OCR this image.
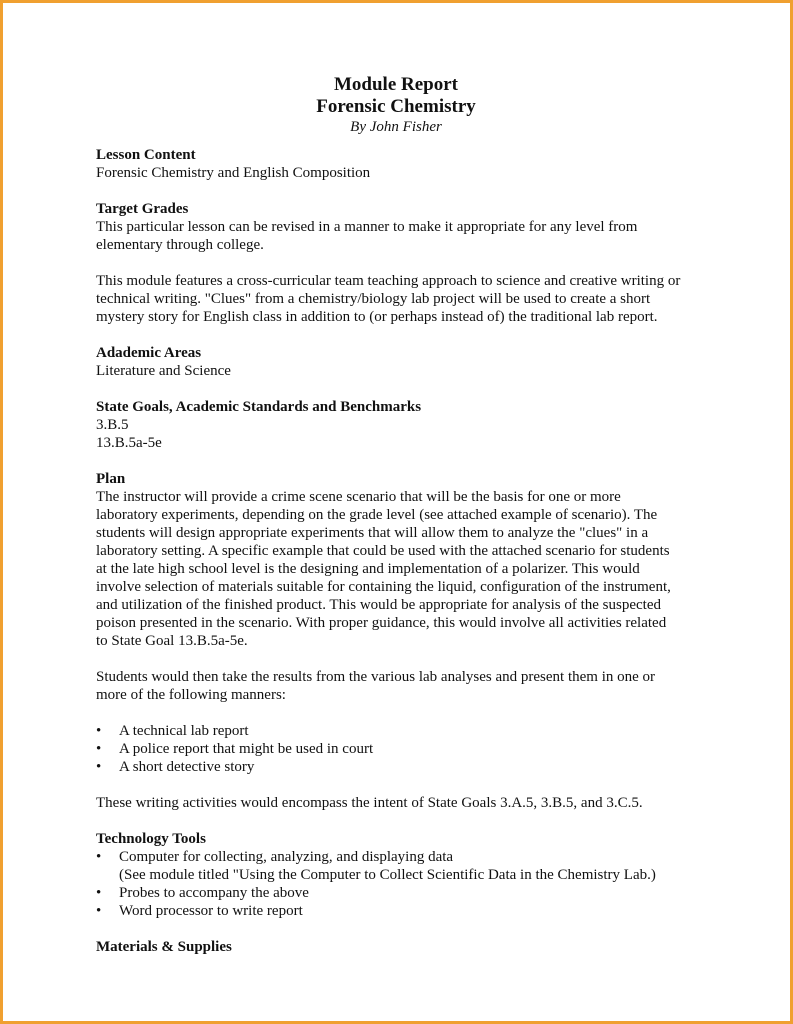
Module Report

Forensic Chemistry

By John Fisher

Lesson Content

Forensic Chemistry and English Composition

Target Grades

This particular lesson can be revised in a manner to make it appropriate for any level from

elementary through college.

This module features a cross-curricular team teaching approach to science and creative writing or

technical writing. "Clues" from a chemistry/biology lab project will be used to create a short

mystery story for English class in addition to (or perhaps instead of) the traditional lab report.

Adademic Areas

Literature and Science

State Goals, Academic Standards and Benchmarks

3.B.5

13.B.5a-5e

Plan

The instructor will provide a crime scene scenario that will be the basis for one or more

laboratory experiments, depending on the grade level (see attached example of scenario). The

students will design appropriate experiments that will allow them to analyze the "clues" in a

laboratory setting. A specific example that could be used with the attached scenario for students

at the late high school level is the designing and implementation of a polarizer. This would

involve selection of materials suitable for containing the liquid, configuration of the instrument,

and utilization of the finished product. This would be appropriate for analysis of the suspected

poison presented in the scenario. With proper guidance, this would involve all activities related

to State Goal 13.B.5a-5e.

Students would then take the results from the various lab analyses and present them in one or

more of the following manners:

• A technical lab report
• A police report that might be used in court
• A short detective story

These writing activities would encompass the intent of State Goals 3.A.5, 3.B.5, and 3.C.5.

Technology Tools

• Computer for collecting, analyzing, and displaying data
(See module titled "Using the Computer to Collect Scientific Data in the Chemistry Lab.)
• Probes to accompany the above
• Word processor to write report

Materials & Supplies
